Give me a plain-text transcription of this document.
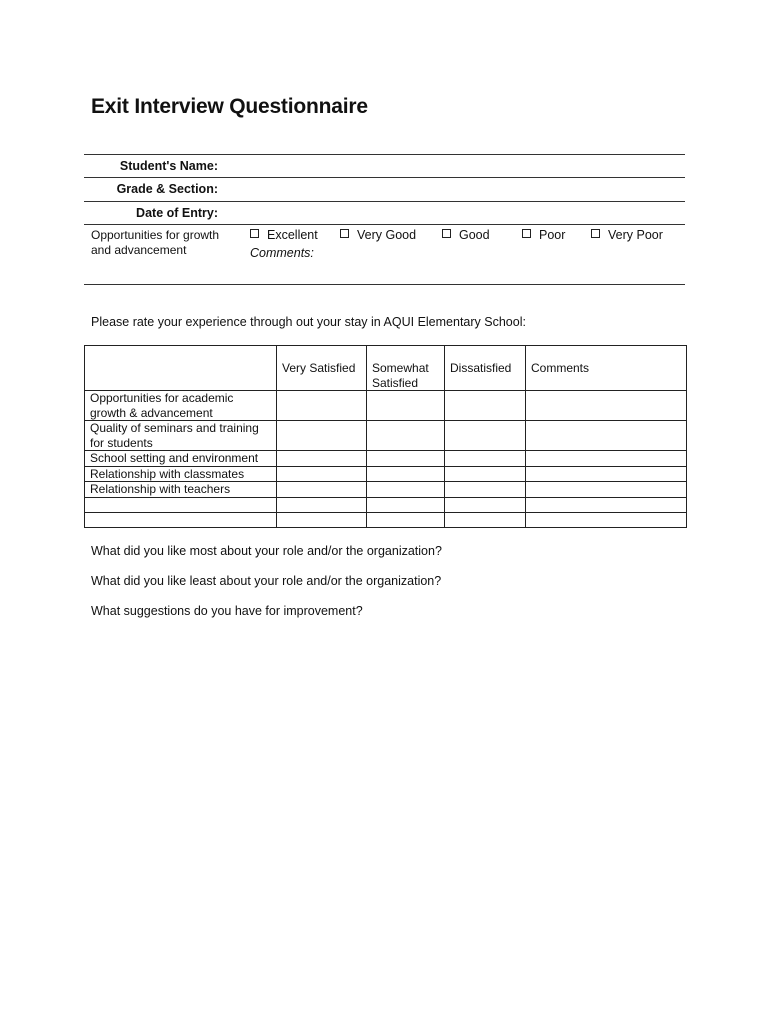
Exit Interview Questionnaire
Student's Name:
Grade & Section:
Date of Entry:
Opportunities for growth and advancement
Excellent	Very Good	Good	Poor	Very Poor
Comments:
Please rate your experience through out your stay in AQUI Elementary School:
	Very Satisfied	Somewhat Satisfied	Dissatisfied	Comments
Opportunities for academic growth & advancement				
Quality of seminars and training for students				
School setting and environment				
Relationship with classmates				
Relationship with teachers				

What did you like most about your role and/or the organization?
What did you like least about your role and/or the organization?
What suggestions do you have for improvement?
